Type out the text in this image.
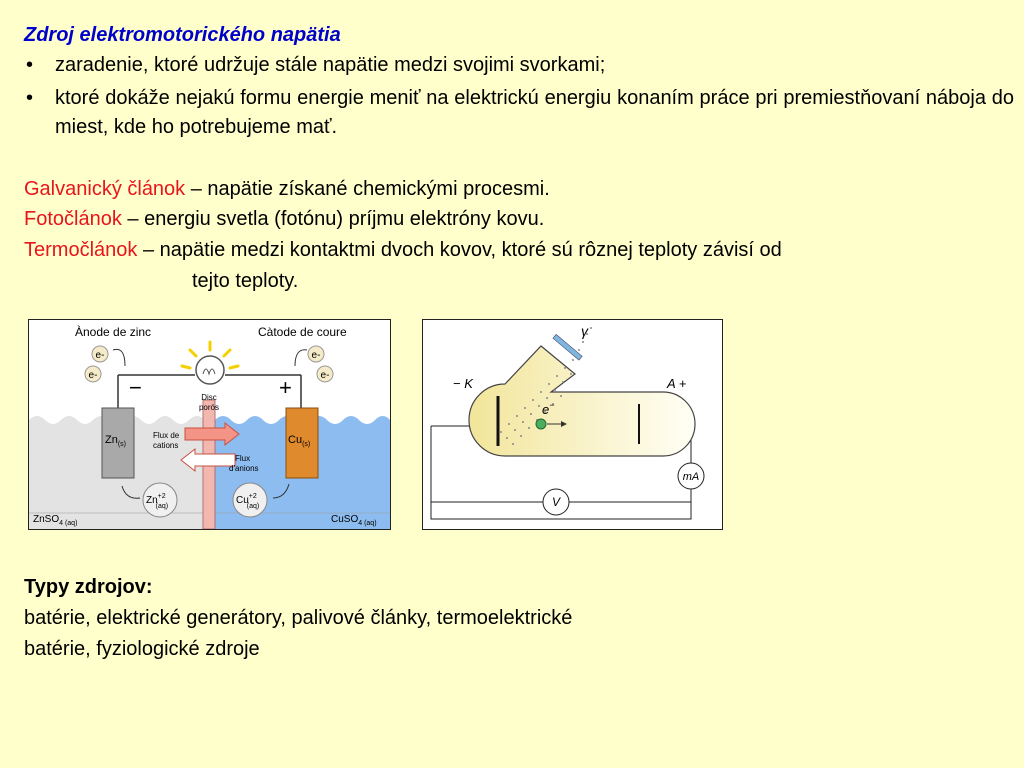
Zdroj elektromotorického napätia
• zaradenie, ktoré udržuje stále napätie medzi svojimi svorkami;
• ktoré dokáže nejakú formu energie meniť na elektrickú energiu konaním práce pri premiestňovaní náboja do miest, kde ho potrebujeme mať.
Galvanický článok – napätie získané chemickými procesmi.
Fotočlánok – energiu svetla (fotónu) príjmu elektróny kovu.
Termočlánok – napätie medzi kontaktmi dvoch kovov, ktoré sú rôznej teploty závisí od
tejto teploty.
Ànode de zinc	Càtode de coure
e-
e-
e-
e-
−	+
Disc
porós
$Zn_{(s)}$	$Cu_{(s)}$
Flux de
cations
Flux
d'anions
$Zn^{+2}$ (aq)
$Cu^{+2}$ (aq)
ZnSO$_{4 (aq)}$	CuSO$_{4 (aq)}$
γ
− K	A +
e−
mA
V
Typy zdrojov:
batérie, elektrické generátory, palivové články, termoelektrické
batérie, fyziologické zdroje
